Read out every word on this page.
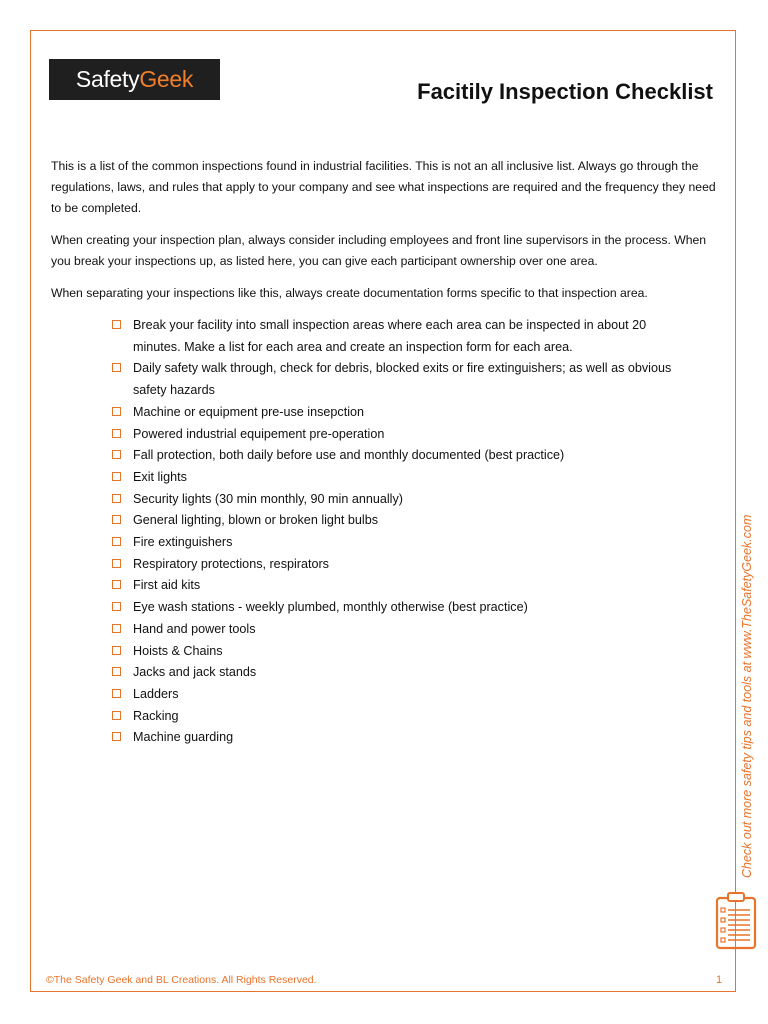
Safety Geek	Facitily Inspection Checklist

This is a list of the common inspections found in industrial facilities. This is not an all inclusive list. Always go through the regulations, laws, and rules that apply to your company and see what inspections are required and the frequency they need to be completed.

When creating your inspection plan, always consider including employees and front line supervisors in the process. When you break your inspections up, as listed here, you can give each participant ownership over one area.

When separating your inspections like this, always create documentation forms specific to that inspection area.

Break your facility into small inspection areas where each area can be inspected in about 20 minutes. Make a list for each area and create an inspection form for each area.
Daily safety walk through, check for debris, blocked exits or fire extinguishers; as well as obvious safety hazards
Machine or equipment pre-use insepction
Powered industrial equipement pre-operation
Fall protection, both daily before use and monthly documented (best practice)
Exit lights
Security lights (30 min monthly, 90 min annually)
General lighting, blown or broken light bulbs
Fire extinguishers
Respiratory protections, respirators
First aid kits
Eye wash stations - weekly plumbed, monthly otherwise (best practice)
Hand and power tools
Hoists & Chains
Jacks and jack stands
Ladders
Racking
Machine guarding	Check out more safety tips and tools at www.TheSafetyGeek.com
©The Safety Geek and BL Creations. All Rights Reserved.	1
